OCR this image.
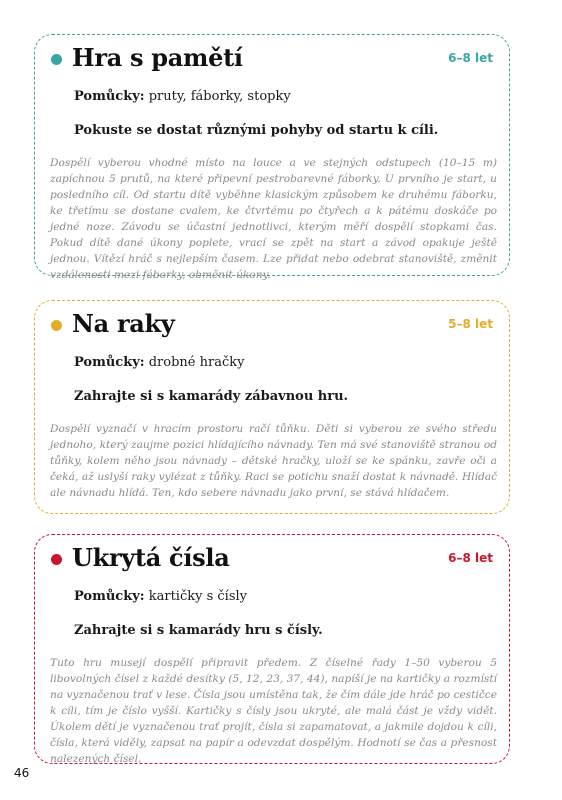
Hra s pamětí	6–8 let
Pomůcky: pruty, fáborky, stopky
Pokuste se dostat různými pohyby od startu k cíli.

Dospělí vyberou vhodné místo na louce a ve stejných odstupech (10–15 m) zapíchnou 5 prutů, na které připevní pestrobarevné fáborky. U prvního je start, u posledního cíl. Od startu dítě vyběhne klasickým způsobem ke druhému fáborku, ke třetímu se dostane cvalem, ke čtvrtému po čtyřech a k pátému doskáče po jedné noze. Závodu se účastní jednotlivci, kterým měří dospělí stopkami čas. Pokud dítě dané úkony poplete, vrací se zpět na start a závod opakuje ještě jednou. Vítězí hráč s nejlepším časem. Lze přidat nebo odebrat stanoviště, změnit vzdálenosti mezi fáborky, obměnit úkony.

Na raky	5–8 let
Pomůcky: drobné hračky
Zahrajte si s kamarády zábavnou hru.

Dospělí vyznačí v hracím prostoru račí tůňku. Děti si vyberou ze svého středu jednoho, který zaujme pozici hlídajícího návnady. Ten má své stanoviště stranou od tůňky, kolem něho jsou návnady – dětské hračky, uloží se ke spánku, zavře oči a čeká, až uslyší raky vylézat z tůňky. Raci se potichu snaží dostat k návnadě. Hlídač ale návnadu hlídá. Ten, kdo sebere návnadu jako první, se stává hlídačem.

Ukrytá čísla	6–8 let
Pomůcky: kartičky s čísly
Zahrajte si s kamarády hru s čísly.

Tuto hru musejí dospělí připravit předem. Z číselné řady 1–50 vyberou 5 libovolných čísel z každé desítky (5, 12, 23, 37, 44), napíší je na kartičky a rozmístí na vyznačenou trať v lese. Čísla jsou umístěna tak, že čím dále jde hráč po cestičce k cíli, tím je číslo vyšší. Kartičky s čísly jsou ukryté, ale malá část je vždy vidět. Úkolem dětí je vyznačenou trať projít, čísla si zapamatovat, a jakmile dojdou k cíli, čísla, která viděly, zapsat na papír a odevzdat dospělým. Hodnotí se čas a přesnost nalezených čísel.

46
